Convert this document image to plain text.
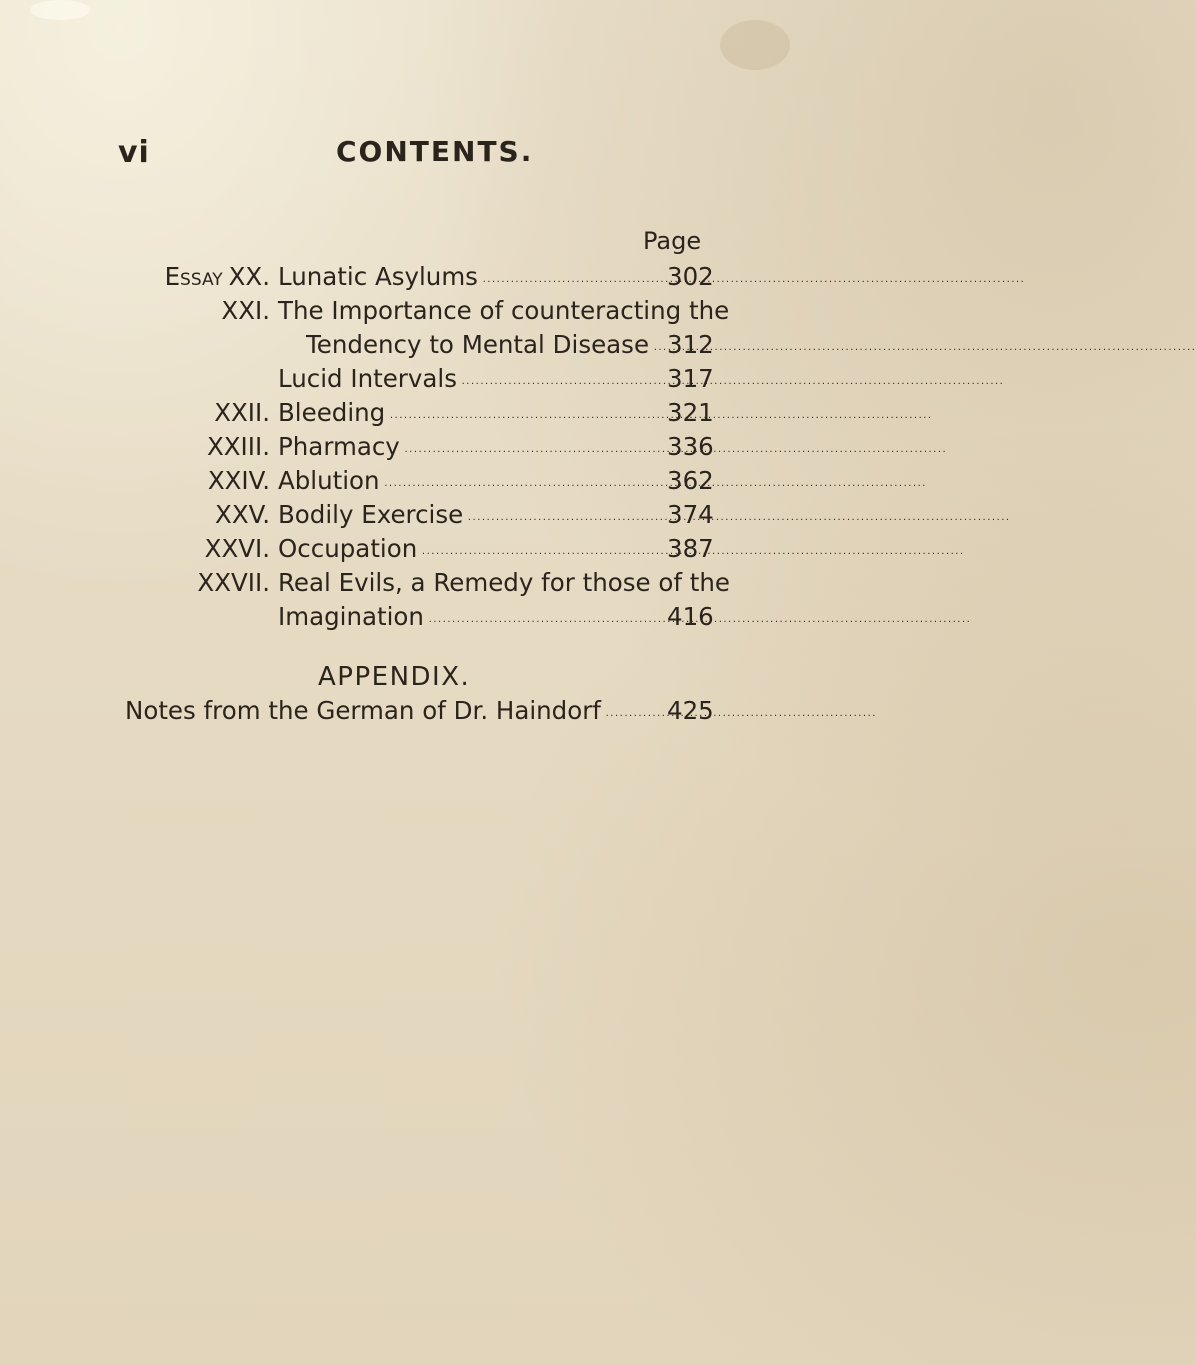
vi	CONTENTS.
Page
Essay XX. Lunatic Asylums .....	302
XXI. The Importance of counteracting the
Tendency to Mental Disease ..... 312
Lucid Intervals .....	317
XXII. Bleeding .....	321
XXIII. Pharmacy .....	336
XXIV. Ablution .....	362
XXV. Bodily Exercise .....	374
XXVI. Occupation .....	387
XXVII. Real Evils, a Remedy for those of the
Imagination .....	416
APPENDIX.
Notes from the German of Dr. Haindorf .....	425
